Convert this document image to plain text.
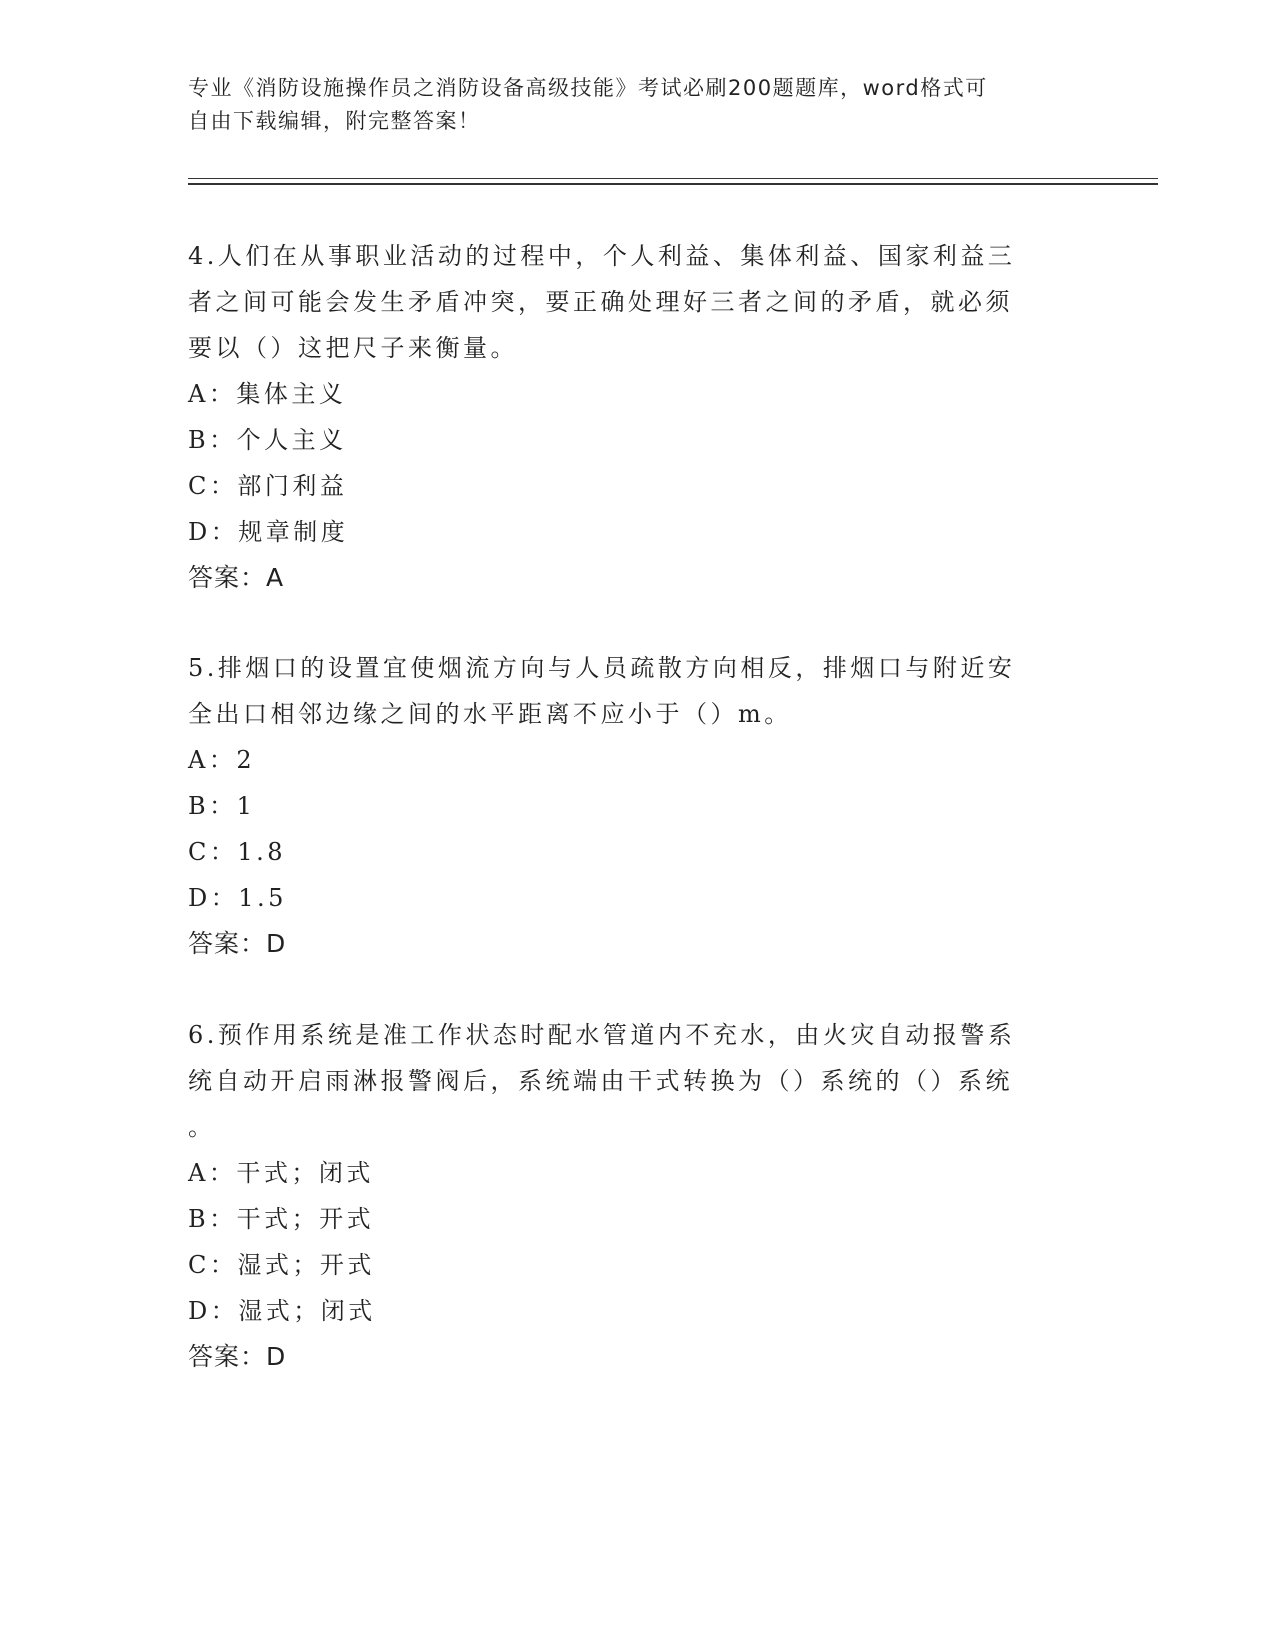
专业《消防设施操作员之消防设备高级技能》考试必刷200题题库，word格式可
自由下载编辑，附完整答案！

4.人们在从事职业活动的过程中，个人利益、集体利益、国家利益三

者之间可能会发生矛盾冲突，要正确处理好三者之间的矛盾，就必须

要以（）这把尺子来衡量。

A：集体主义

B：个人主义

C：部门利益

D：规章制度

答案：A

5.排烟口的设置宜使烟流方向与人员疏散方向相反，排烟口与附近安

全出口相邻边缘之间的水平距离不应小于（）m。

A：2

B：1

C：1.8

D：1.5

答案：D

6.预作用系统是准工作状态时配水管道内不充水，由火灾自动报警系

统自动开启雨淋报警阀后，系统端由干式转换为（）系统的（）系统

。

A：干式；闭式

B：干式；开式

C：湿式；开式

D：湿式；闭式

答案：D
